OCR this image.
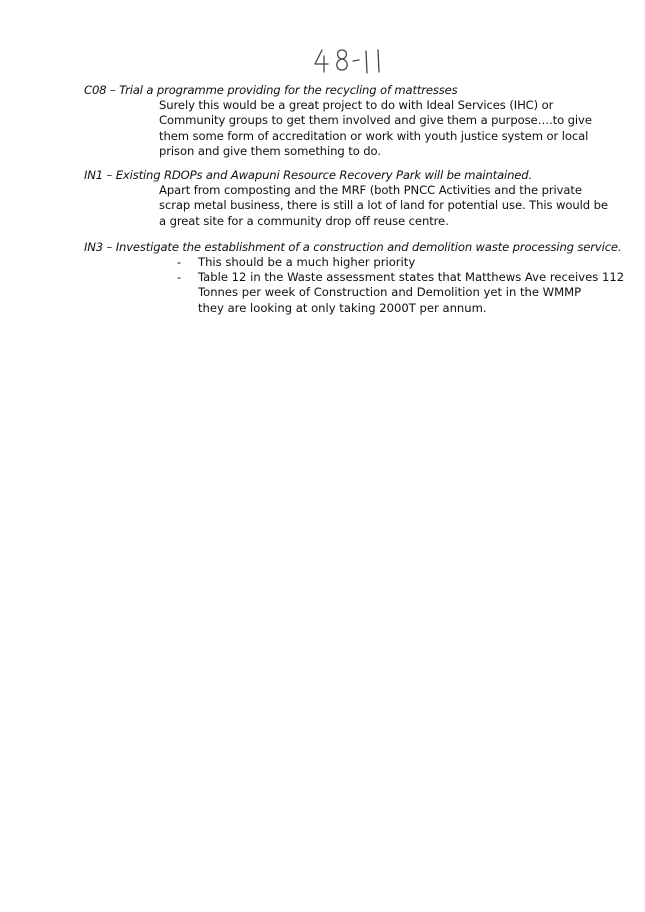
C08 – Trial a programme providing for the recycling of mattresses
Surely this would be a great project to do with Ideal Services (IHC) or
Community groups to get them involved and give them a purpose….to give
them some form of accreditation or work with youth justice system or local
prison and give them something to do.
IN1 – Existing RDOPs and Awapuni Resource Recovery Park will be maintained.
Apart from composting and the MRF (both PNCC Activities and the private
scrap metal business, there is still a lot of land for potential use. This would be
a great site for a community drop off reuse centre.
IN3 – Investigate the establishment of a construction and demolition waste processing service.
- This should be a much higher priority
- Table 12 in the Waste assessment states that Matthews Ave receives 112
Tonnes per week of Construction and Demolition yet in the WMMP
they are looking at only taking 2000T per annum.
